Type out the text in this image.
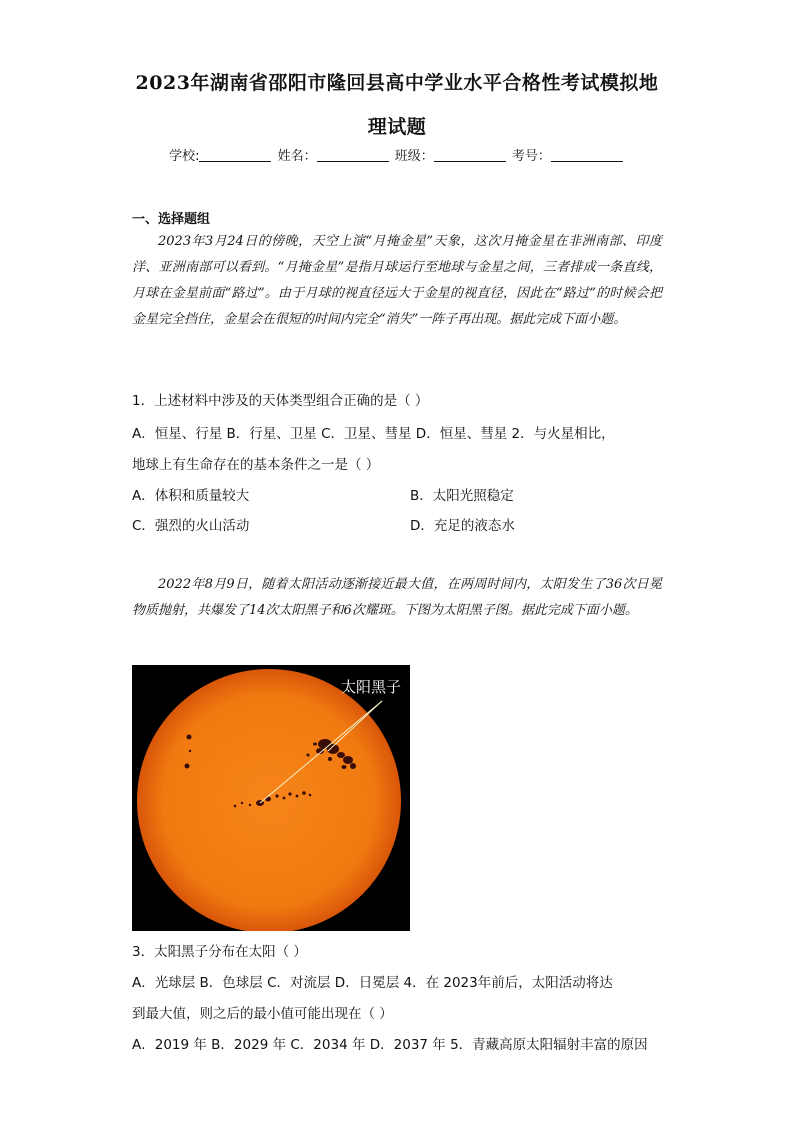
2023年湖南省邵阳市隆回县高中学业水平合格性考试模拟地
理试题
学校:	姓名：	班级：	考号：
一、选择题组

2023年3月24日的傍晚，天空上演“月掩金星”天象，这次月掩金星在非洲南部、印度洋、亚洲南部可以看到。“月掩金星”是指月球运行至地球与金星之间，三者排成一条直线，月球在金星前面“路过”。由于月球的视直径远大于金星的视直径，因此在“路过”的时候会把金星完全挡住，金星会在很短的时间内完全“消失”一阵子再出现。据此完成下面小题。

1．上述材料中涉及的天体类型组合正确的是（ ）
A．恒星、行星 B．行星、卫星 C．卫星、彗星 D．恒星、彗星 2．与火星相比，
地球上有生命存在的基本条件之一是（ ）
A．体积和质量较大	B．太阳光照稳定
C．强烈的火山活动	D．充足的液态水

2022年8月9日，随着太阳活动逐渐接近最大值，在两周时间内，太阳发生了36次日冕物质抛射，共爆发了14次太阳黑子和6次耀斑。下图为太阳黑子图。据此完成下面小题。

太阳黑子
3．太阳黑子分布在太阳（ ）
A．光球层 B．色球层 C．对流层 D．日冕层 4．在 2023年前后，太阳活动将达
到最大值，则之后的最小值可能出现在（ ）
A．2019 年 B．2029 年 C．2034 年 D．2037 年 5．青藏高原太阳辐射丰富的原因
